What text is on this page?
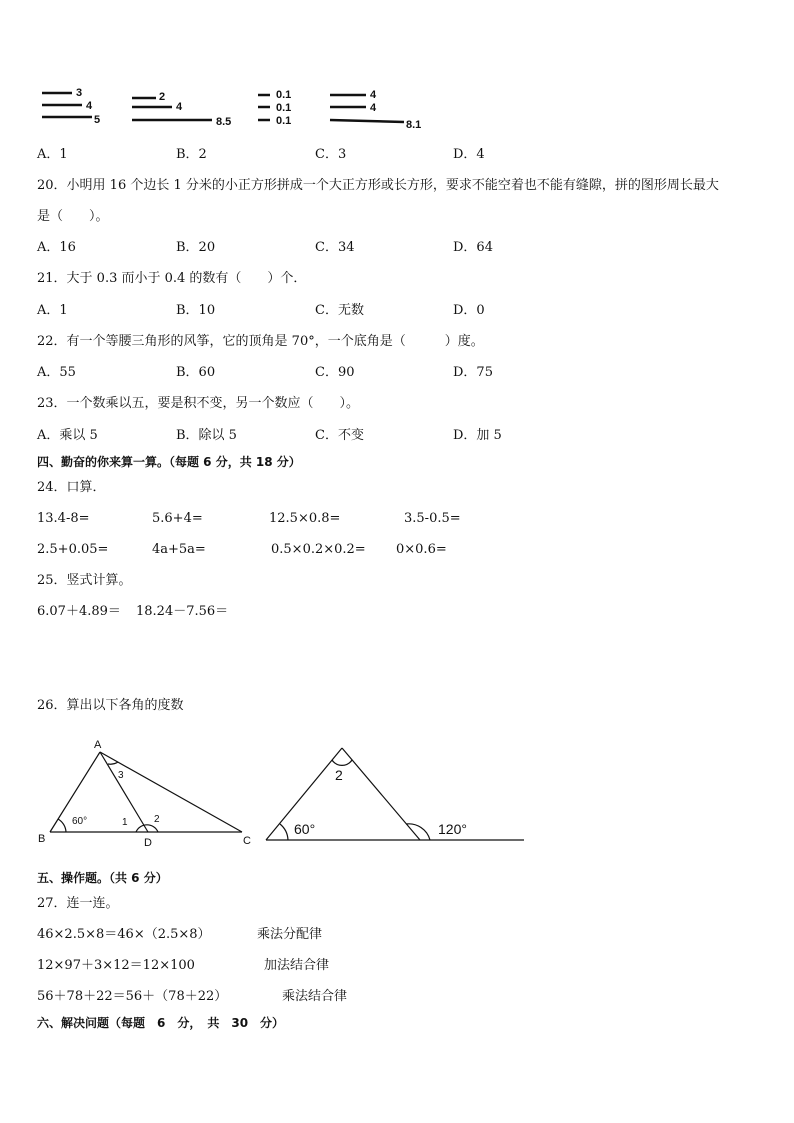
3
4
5
2
4
8.5
0.1
0.1
0.1
4
4
8.1
A．1	B．2	C．3	D．4
20．小明用 16 个边长 1 分米的小正方形拼成一个大正方形或长方形，要求不能空着也不能有缝隙，拼的图形周长最大
是（　　）。
A．16	B．20	C．34	D．64
21．大于 0.3 而小于 0.4 的数有（　　）个．
A．1	B．10	C．无数	D．0
22．有一个等腰三角形的风筝，它的顶角是 70°，一个底角是（　　　）度。
A．55	B．60	C．90	D．75
23．一个数乘以五，要是积不变，另一个数应（　　）。
A．乘以 5	B．除以 5	C．不变	D．加 5
四、勤奋的你来算一算。（每题 6 分，共 18 分）
24．口算．
13.4-8=	5.6+4=	12.5×0.8=	3.5-0.5=
2.5+0.05=	4a+5a=	0.5×0.2×0.2= 0×0.6=
25．竖式计算。
6.07＋4.89＝ 18.24－7.56＝
26．算出以下各角的度数
A
B	C
D
60°	1	2
3	2
60°	120°
五、操作题。（共 6 分）
27．连一连。
46×2.5×8＝46×（2.5×8）	乘法分配律
12×97＋3×12＝12×100	加法结合律
56＋78＋22＝56＋（78＋22）	乘法结合律
六、解决问题（每题　6　分，　共　30　分）
